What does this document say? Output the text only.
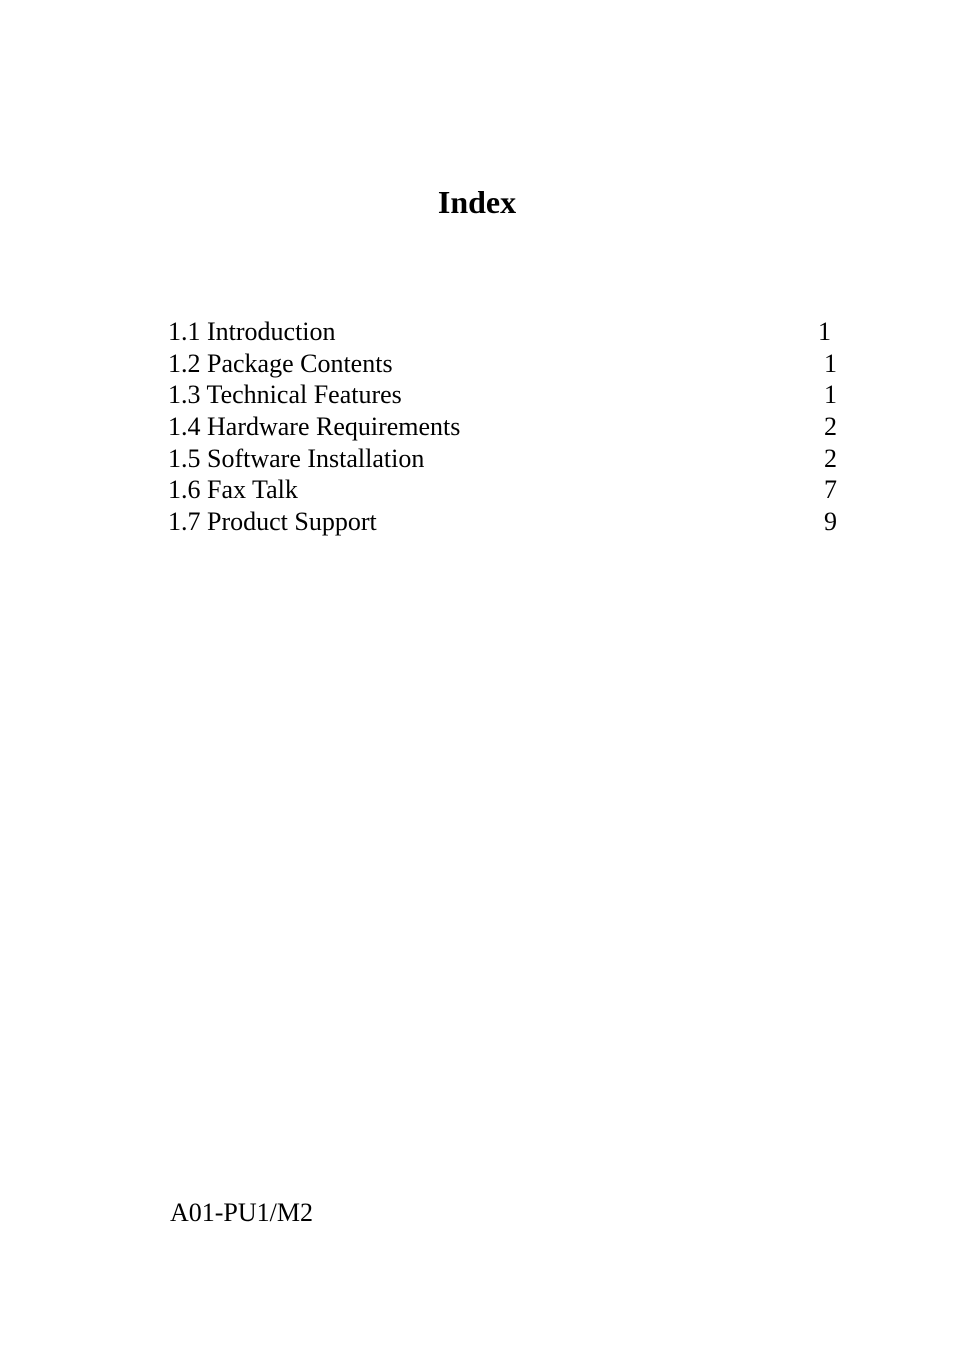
Index
1.1 Introduction	1
1.2 Package Contents	1
1.3 Technical Features	1
1.4 Hardware Requirements	2
1.5 Software Installation	2
1.6 Fax Talk	7
1.7 Product Support	9
A01-PU1/M2
